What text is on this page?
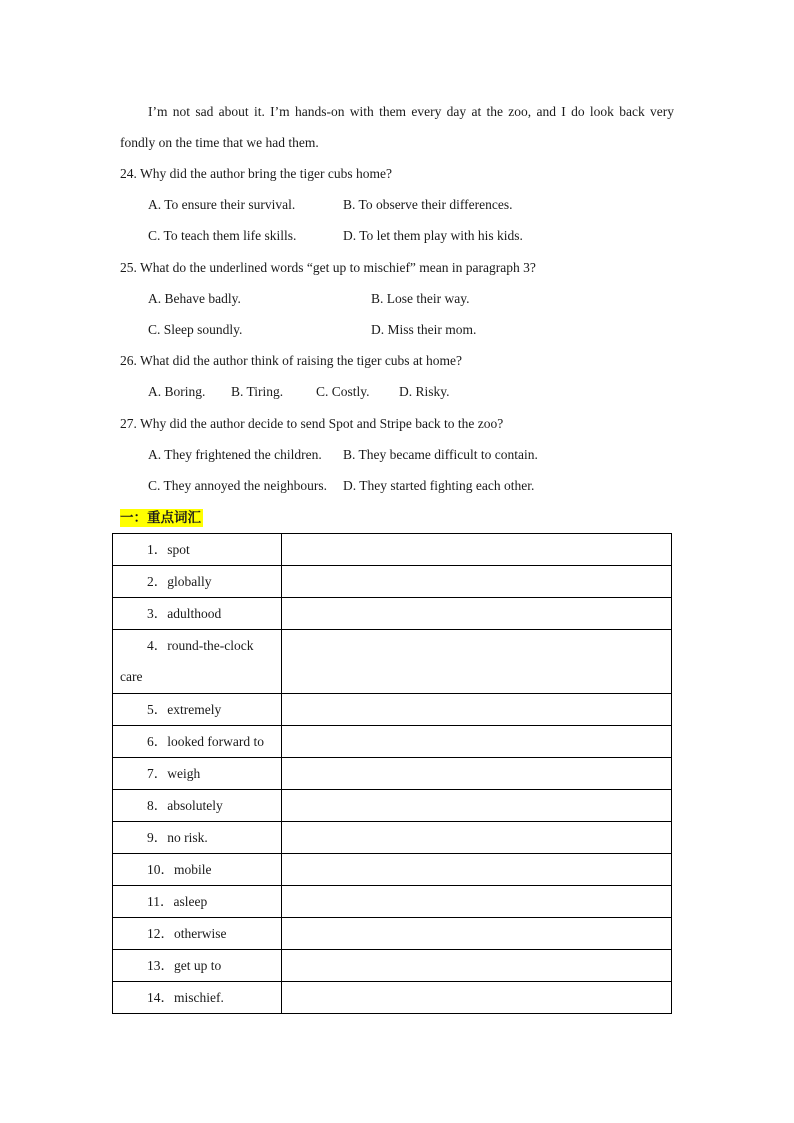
I’m not sad about it. I’m hands-on with them every day at the zoo, and I do look back very
fondly on the time that we had them.
24. Why did the author bring the tiger cubs home?
A. To ensure their survival.	B. To observe their differences.
C. To teach them life skills.	D. To let them play with his kids.
25. What do the underlined words “get up to mischief” mean in paragraph 3?
A. Behave badly.	B. Lose their way.
C. Sleep soundly.	D. Miss their mom.
26. What did the author think of raising the tiger cubs at home?
A. Boring. B. Tiring. C. Costly. D. Risky.
27. Why did the author decide to send Spot and Stripe back to the zoo?
A. They frightened the children. B. They became difficult to contain.
C. They annoyed the neighbours. D. They started fighting each other.
一：重点词汇
1．spot	

2．globally	

3．adulthood	

4．round-the-clock
care	

5．extremely	

6．looked forward to	

7．weigh	

8．absolutely	

9．no risk.	

10．mobile	

11．asleep	

12．otherwise	

13．get up to	

14．mischief.	
